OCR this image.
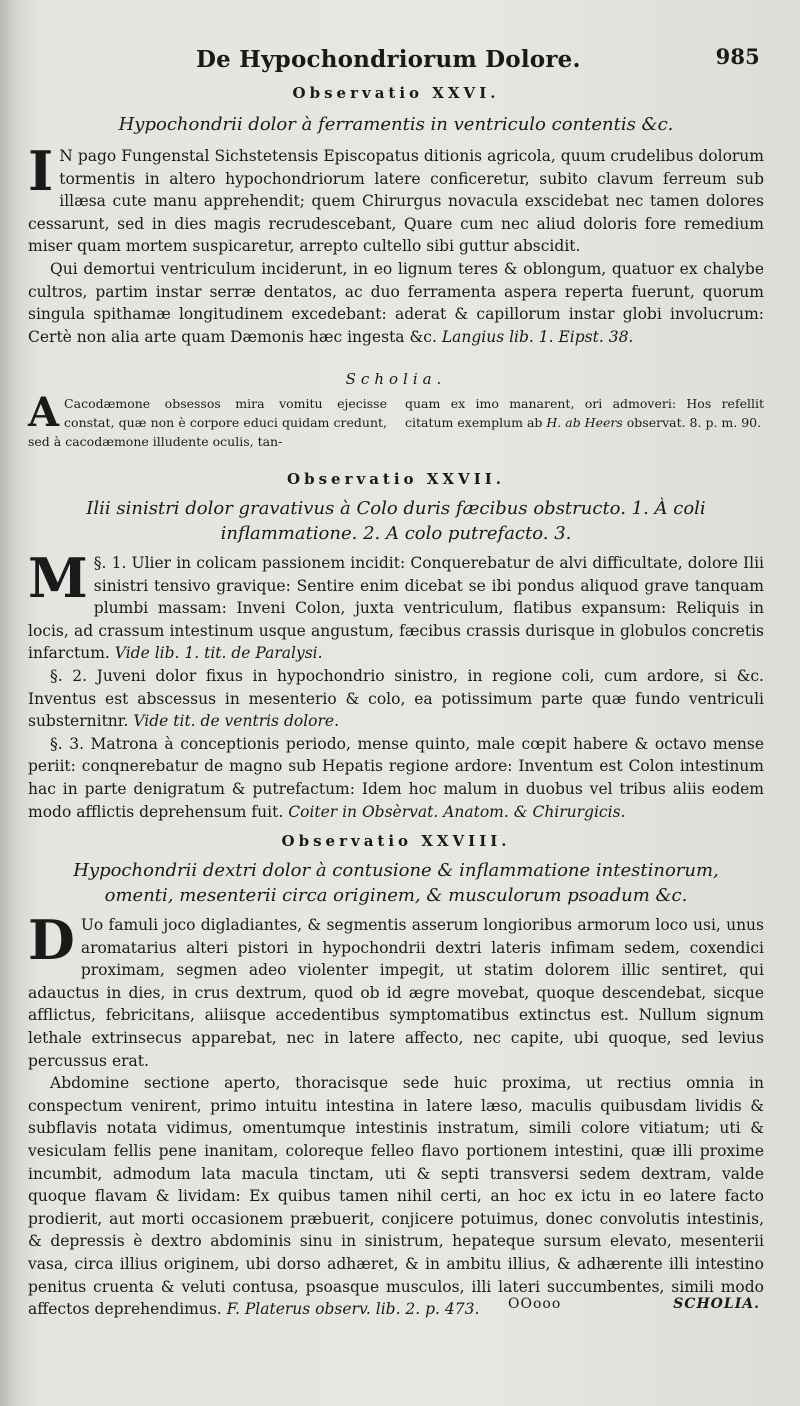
De Hypochondriorum Dolore.	985
Observatio XXVI.
Hypochondrii dolor à ferramentis in ventriculo contentis &c.

I N pago Fungenstal Sichstetensis Episcopatus ditionis agricola, quum crudelibus dolorum tormentis in altero hypochondriorum latere conficeretur, subito clavum ferreum sub illæsa cute manu apprehendit; quem Chirurgus novacula exscidebat nec tamen dolores cessarunt, sed in dies magis recrudescebant, Quare cum nec aliud doloris fore remedium miser quam mortem suspicaretur, arrepto cultello sibi guttur abscidit.

Qui demortui ventriculum inciderunt, in eo lignum teres & oblongum, quatuor ex chalybe cultros, partim instar serræ dentatos, ac duo ferramenta aspera reperta fuerunt, quorum singula spithamæ longitudinem excedebant: aderat & capillorum instar globi involucrum: Certè non alia arte quam Dæmonis hæc ingesta &c. Langius lib. 1. Eipst. 38.

Scholia.
A Cacodæmone obsessos mira vomitu ejecisse constat, quæ non è corpore educi quidam credunt, sed à cacodæmone illudente oculis, tan-
quam ex imo manarent, ori admoveri: Hos refellit citatum exemplum ab H. ab Heers observat. 8. p. m. 90.
Observatio XXVII.
Ilii sinistri dolor gravativus à Colo duris fæcibus obstructo. 1. À coli
inflammatione. 2. A colo putrefacto. 3.

§. 1.
M	Ulier in colicam passionem incidit: Conquerebatur de alvi difficultate, dolore Ilii sinistri tensivo gravique: Sentire enim dicebat se ibi pondus aliquod grave tanquam plumbi massam: Inveni Colon, juxta ventriculum, flatibus expansum: Reliquis in locis, ad crassum intestinum usque angustum, fæcibus crassis durisque in globulos concretis infarctum. Vide lib. 1. tit. de Paralysi.

§. 2. Juveni dolor fixus in hypochondrio sinistro, in regione coli, cum ardore, si &c. Inventus est abscessus in mesenterio & colo, ea potissimum parte quæ fundo ventriculi substernitnr. Vide tit. de ventris dolore.

§. 3. Matrona à conceptionis periodo, mense quinto, male cœpit habere & octavo mense periit: conqnerebatur de magno sub Hepatis regione ardore: Inventum est Colon intestinum hac in parte denigratum & putrefactum: Idem hoc malum in duobus vel tribus aliis eodem modo afflictis deprehensum fuit. Coiter in Obsèrvat. Anatom. & Chirurgicis.

Observatio XXVIII.
Hypochondrii dextri dolor à contusione & inflammatione intestinorum,
omenti, mesenterii circa originem, & musculorum psoadum &c.

D Uo famuli joco digladiantes, & segmentis asserum longioribus armorum loco usi, unus aromatarius alteri pistori in hypochondrii dextri lateris infimam sedem, coxendici proximam, segmen adeo violenter impegit, ut statim dolorem illic sentiret, qui adauctus in dies, in crus dextrum, quod ob id ægre movebat, quoque descendebat, sicque afflictus, febricitans, aliisque accedentibus symptomatibus extinctus est. Nullum signum lethale extrinsecus apparebat, nec in latere affecto, nec capite, ubi quoque, sed levius percussus erat.

Abdomine sectione aperto, thoracisque sede huic proxima, ut rectius omnia in conspectum venirent, primo intuitu intestina in latere læso, maculis quibusdam lividis & subflavis notata vidimus, omentumque intestinis instratum, simili colore vitiatum; uti & vesiculam fellis pene inanitam, coloreque felleo flavo portionem intestini, quæ illi proxime incumbit, admodum lata macula tinctam, uti & septi transversi sedem dextram, valde quoque flavam & lividam: Ex quibus tamen nihil certi, an hoc ex ictu in eo latere facto prodierit, aut morti occasionem præbuerit, conjicere potuimus, donec convolutis intestinis, & depressis è dextro abdominis sinu in sinistrum, hepateque sursum elevato, mesenterii vasa, circa illius originem, ubi dorso adhæret, & in ambitu illius, & adhærente illi intestino penitus cruenta & veluti contusa, psoasque musculos, illi lateri succumbentes, simili modo affectos deprehendimus. F. Platerus observ. lib. 2. p. 473.	OOooo	SCHOLIA.
